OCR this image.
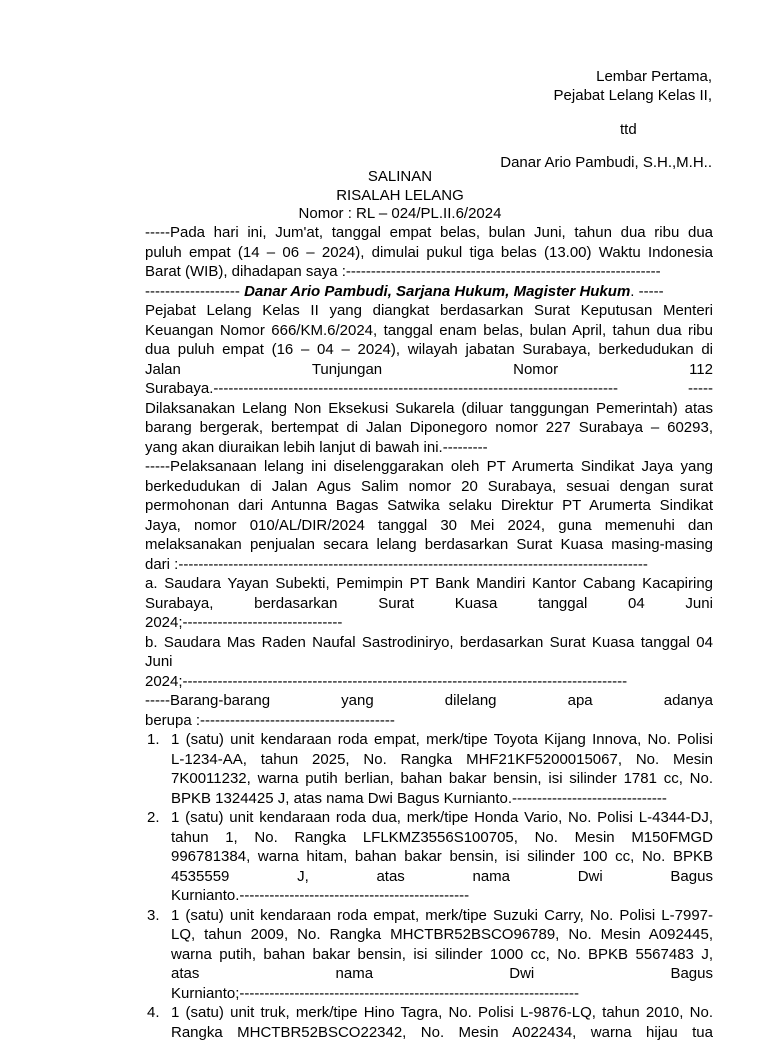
Lembar Pertama,
Pejabat Lelang Kelas II,
ttd
Danar Ario Pambudi, S.H.,M.H..
SALINAN
RISALAH LELANG
Nomor : RL – 024/PL.II.6/2024
-----Pada hari ini, Jum'at, tanggal empat belas, bulan Juni, tahun dua ribu dua
puluh empat (14 – 06 – 2024), dimulai pukul tiga belas (13.00) Waktu Indonesia
Barat (WIB), dihadapan saya :---------------------------------------------------------------
------------------- Danar Ario Pambudi, Sarjana Hukum, Magister Hukum. -----
Pejabat Lelang Kelas II yang diangkat berdasarkan Surat Keputusan Menteri
Keuangan Nomor 666/KM.6/2024, tanggal enam belas, bulan April, tahun dua ribu
dua puluh empat (16 – 04 – 2024), wilayah jabatan Surabaya, berkedudukan di
Jalan	Tunjungan	Nomor	112
Surabaya.---------------------------------------------------------------------------------	-----
Dilaksanakan Lelang Non Eksekusi Sukarela (diluar tanggungan Pemerintah) atas
barang bergerak, bertempat di Jalan Diponegoro nomor 227 Surabaya – 60293,
yang akan diuraikan lebih lanjut di bawah ini.---------
-----Pelaksanaan lelang ini diselenggarakan oleh PT Arumerta Sindikat Jaya yang
berkedudukan di Jalan Agus Salim nomor 20 Surabaya, sesuai dengan surat
permohonan dari Antunna Bagas Satwika selaku Direktur PT Arumerta Sindikat
Jaya, nomor 010/AL/DIR/2024 tanggal 30 Mei 2024, guna memenuhi dan
melaksanakan penjualan secara lelang berdasarkan Surat Kuasa masing-masing
dari :----------------------------------------------------------------------------------------------
a. Saudara Yayan Subekti, Pemimpin PT Bank Mandiri Kantor Cabang Kacapiring
Surabaya,	berdasarkan	Surat	Kuasa	tanggal	04	Juni
2024;--------------------------------
b. Saudara Mas Raden Naufal Sastrodiniryo, berdasarkan Surat Kuasa tanggal 04
Juni
2024;-----------------------------------------------------------------------------------------
-----Barang-barang	yang	dilelang	apa	adanya
berupa :---------------------------------------
1. 1 (satu) unit kendaraan roda empat, merk/tipe Toyota Kijang Innova, No. Polisi
L-1234-AA, tahun 2025, No. Rangka MHF21KF5200015067, No. Mesin
7K0011232, warna putih berlian, bahan bakar bensin, isi silinder 1781 cc, No.
BPKB 1324425 J, atas nama Dwi Bagus Kurnianto.-------------------------------
2. 1 (satu) unit kendaraan roda dua, merk/tipe Honda Vario, No. Polisi L-4344-DJ,
tahun 1, No. Rangka LFLKMZ3556S100705, No. Mesin M150FMGD
996781384, warna hitam, bahan bakar bensin, isi silinder 100 cc, No. BPKB
4535559	J,	atas	nama	Dwi	Bagus
Kurnianto.----------------------------------------------
3. 1 (satu) unit kendaraan roda empat, merk/tipe Suzuki Carry, No. Polisi L-7997-
LQ, tahun 2009, No. Rangka MHCTBR52BSCO96789, No. Mesin A092445,
warna putih, bahan bakar bensin, isi silinder 1000 cc, No. BPKB 5567483 J,
atas	nama	Dwi	Bagus
Kurnianto;--------------------------------------------------------------------
4. 1 (satu) unit truk, merk/tipe Hino Tagra, No. Polisi L-9876-LQ, tahun 2010, No.
Rangka MHCTBR52BSCO22342, No. Mesin A022434, warna hijau tua
